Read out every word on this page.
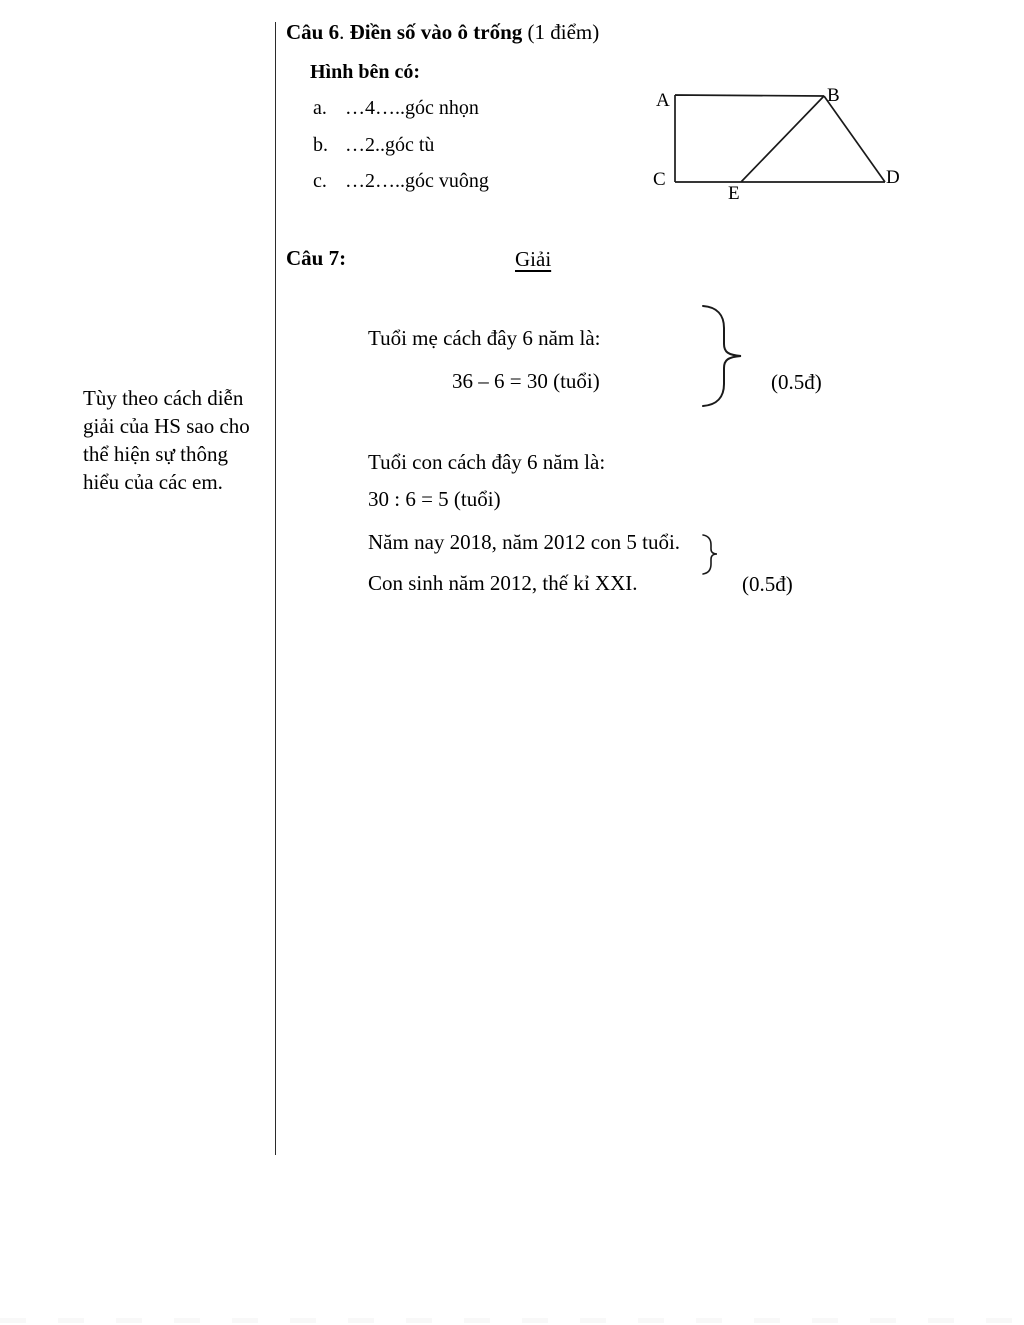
Câu 6. Điền số vào ô trống (1 điểm)
Hình bên có:
a. …4…..góc nhọn
b. …2..góc tù
c. …2…..góc vuông
A	B
C	D
E
Câu 7:	Giải
Tuổi mẹ cách đây 6 năm là:
36 – 6 = 30 (tuổi)	(0.5đ)
Tùy theo cách diễn
giải của HS sao cho
thể hiện sự thông
hiểu của các em.
Tuổi con cách đây 6 năm là:
30 : 6 = 5 (tuổi)
Năm nay 2018, năm 2012 con 5 tuổi.
Con sinh năm 2012, thế kỉ XXI.	(0.5đ)
